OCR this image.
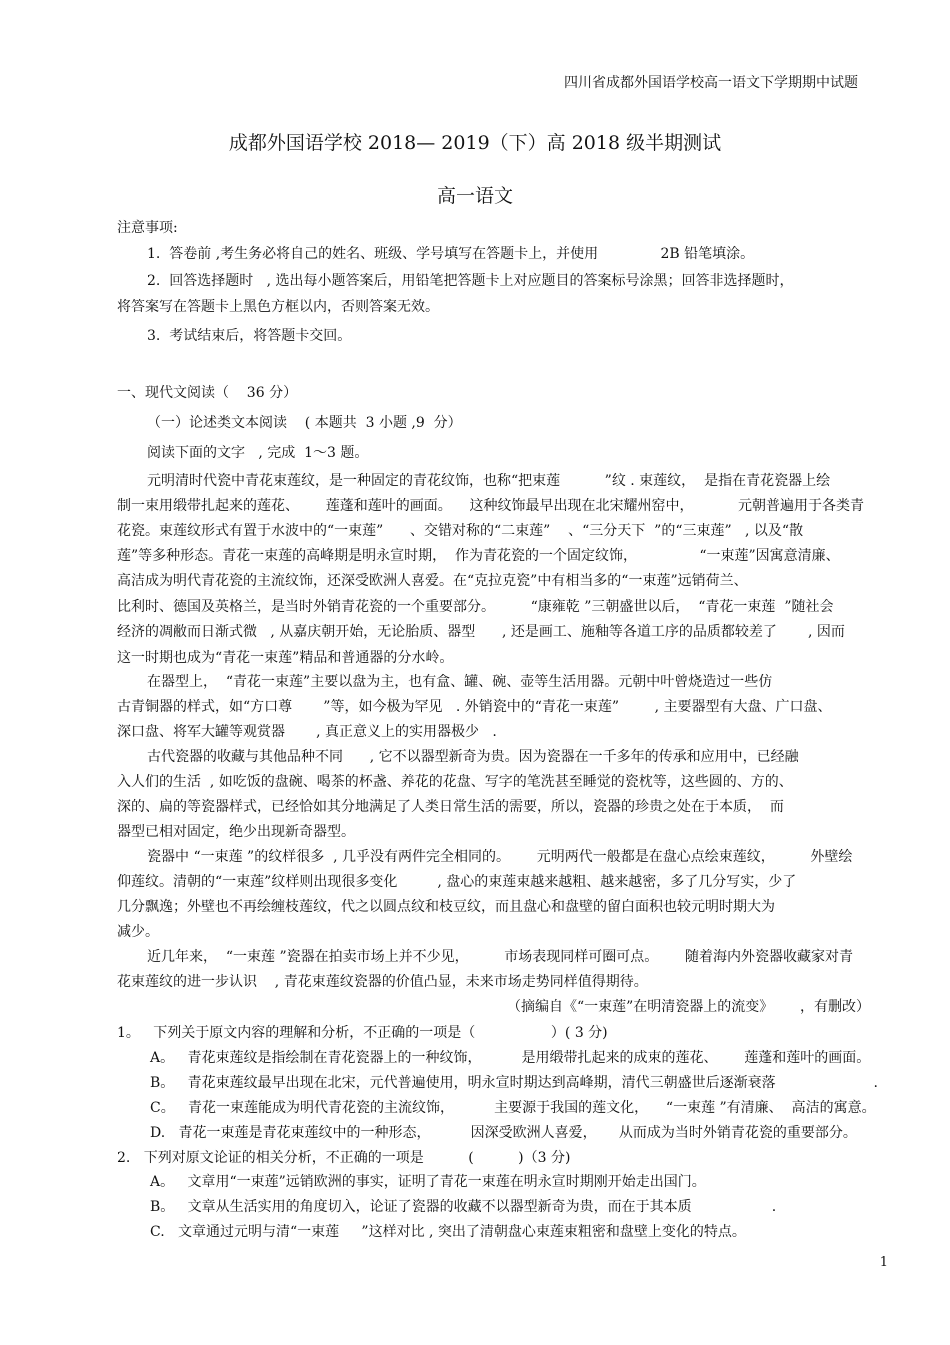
四川省成都外国语学校高一语文下学期期中试题
成都外国语学校 2018— 2019（下）高 2018 级半期测试
高一语文
注意事项:
1.  答卷前 ,考生务必将自己的姓名、班级、学号填写在答题卡上，并使用              2B 铅笔填涂。
2.  回答选择题时   , 选出每小题答案后，用铅笔把答题卡上对应题目的答案标号涂黑；回答非选择题时，
将答案写在答题卡上黑色方框以内，否则答案无效。
3.  考试结束后，将答题卡交回。
一、现代文阅读（    36 分）
（一）论述类文本阅读    ( 本题共  3 小题 ,9  分）
阅读下面的文字   , 完成  1～3 题。
元明清时代瓷中青花束莲纹，是一种固定的青花纹饰，也称“把束莲          ”纹 . 束莲纹，  是指在青花瓷器上绘
制一束用缎带扎起来的莲花、      莲蓬和莲叶的画面。    这种纹饰最早出现在北宋耀州窑中，          元朝普遍用于各类青
花瓷。束莲纹形式有置于水波中的“一束莲”      、交错对称的“二束莲”    、“三分天下  ”的“三束莲”   , 以及“散
莲”等多种形态。青花一束莲的高峰期是明永宣时期，  作为青花瓷的一个固定纹饰，              “一束莲”因寓意清廉、
高洁成为明代青花瓷的主流纹饰，还深受欧洲人喜爱。在“克拉克瓷”中有相当多的“一束莲”远销荷兰、
比利时、德国及英格兰，是当时外销青花瓷的一个重要部分。        “康雍乾 ”三朝盛世以后，  “青花一束莲  ”随社会
经济的凋敝而日渐式微   , 从嘉庆朝开始，无论胎质、器型      , 还是画工、施釉等各道工序的品质都较差了       , 因而
这一时期也成为“青花一束莲”精品和普通器的分水岭。
在器型上，  “青花一束莲”主要以盘为主，也有盒、罐、碗、壶等生活用器。元朝中叶曾烧造过一些仿
古青铜器的样式，如“方口尊       ”等，如今极为罕见   . 外销瓷中的“青花一束莲”        , 主要器型有大盘、广口盘、
深口盘、将军大罐等观赏器       , 真正意义上的实用器极少   .
古代瓷器的收藏与其他品种不同      , 它不以器型新奇为贵。因为瓷器在一千多年的传承和应用中，已经融
入人们的生活  , 如吃饭的盘碗、喝茶的杯盏、养花的花盘、写字的笔洗甚至睡觉的瓷枕等，这些圆的、方的、
深的、扁的等瓷器样式，已经恰如其分地满足了人类日常生活的需要，所以，瓷器的珍贵之处在于本质，  而
器型已相对固定，绝少出现新奇器型。
瓷器中 “一束莲 ”的纹样很多  , 几乎没有两件完全相同的。      元明两代一般都是在盘心点绘束莲纹，        外壁绘
仰莲纹。清朝的“一束莲”纹样则出现很多变化         , 盘心的束莲束越来越粗、越来越密，多了几分写实，少了
几分飘逸；外壁也不再绘缠枝莲纹，代之以圆点纹和枝豆纹，而且盘心和盘壁的留白面积也较元明时期大为
减少。
近几年来，  “一束莲 ”瓷器在拍卖市场上并不少见，        市场表现同样可圈可点。      随着海内外瓷器收藏家对青
花束莲纹的进一步认识    , 青花束莲纹瓷器的价值凸显，未来市场走势同样值得期待。
（摘编自《“一束莲”在明清瓷器上的流变》      ，有删改）
1。   下列关于原文内容的理解和分析，不正确的一项是（                 ）( 3 分)
A。   青花束莲纹是指绘制在青花瓷器上的一种纹饰，         是用缎带扎起来的成束的莲花、      莲蓬和莲叶的画面。
B。   青花束莲纹最早出现在北宋，元代普遍使用，明永宣时期达到高峰期，清代三朝盛世后逐渐衰落                      .
C。   青花一束莲能成为明代青花瓷的主流纹饰，         主要源于我国的莲文化，    “一束莲 ”有清廉、  高洁的寓意。
D.   青花一束莲是青花束莲纹中的一种形态，         因深受欧洲人喜爱，     从而成为当时外销青花瓷的重要部分。
2.   下列对原文论证的相关分析，不正确的一项是          (          )（3 分)
A。   文章用“一束莲”远销欧洲的事实，证明了青花一束莲在明永宣时期刚开始走出国门。
B。   文章从生活实用的角度切入，论证了瓷器的收藏不以器型新奇为贵，而在于其本质                  .
C.   文章通过元明与清“一束莲     ”这样对比 , 突出了清朝盘心束莲束粗密和盘壁上变化的特点。
1
